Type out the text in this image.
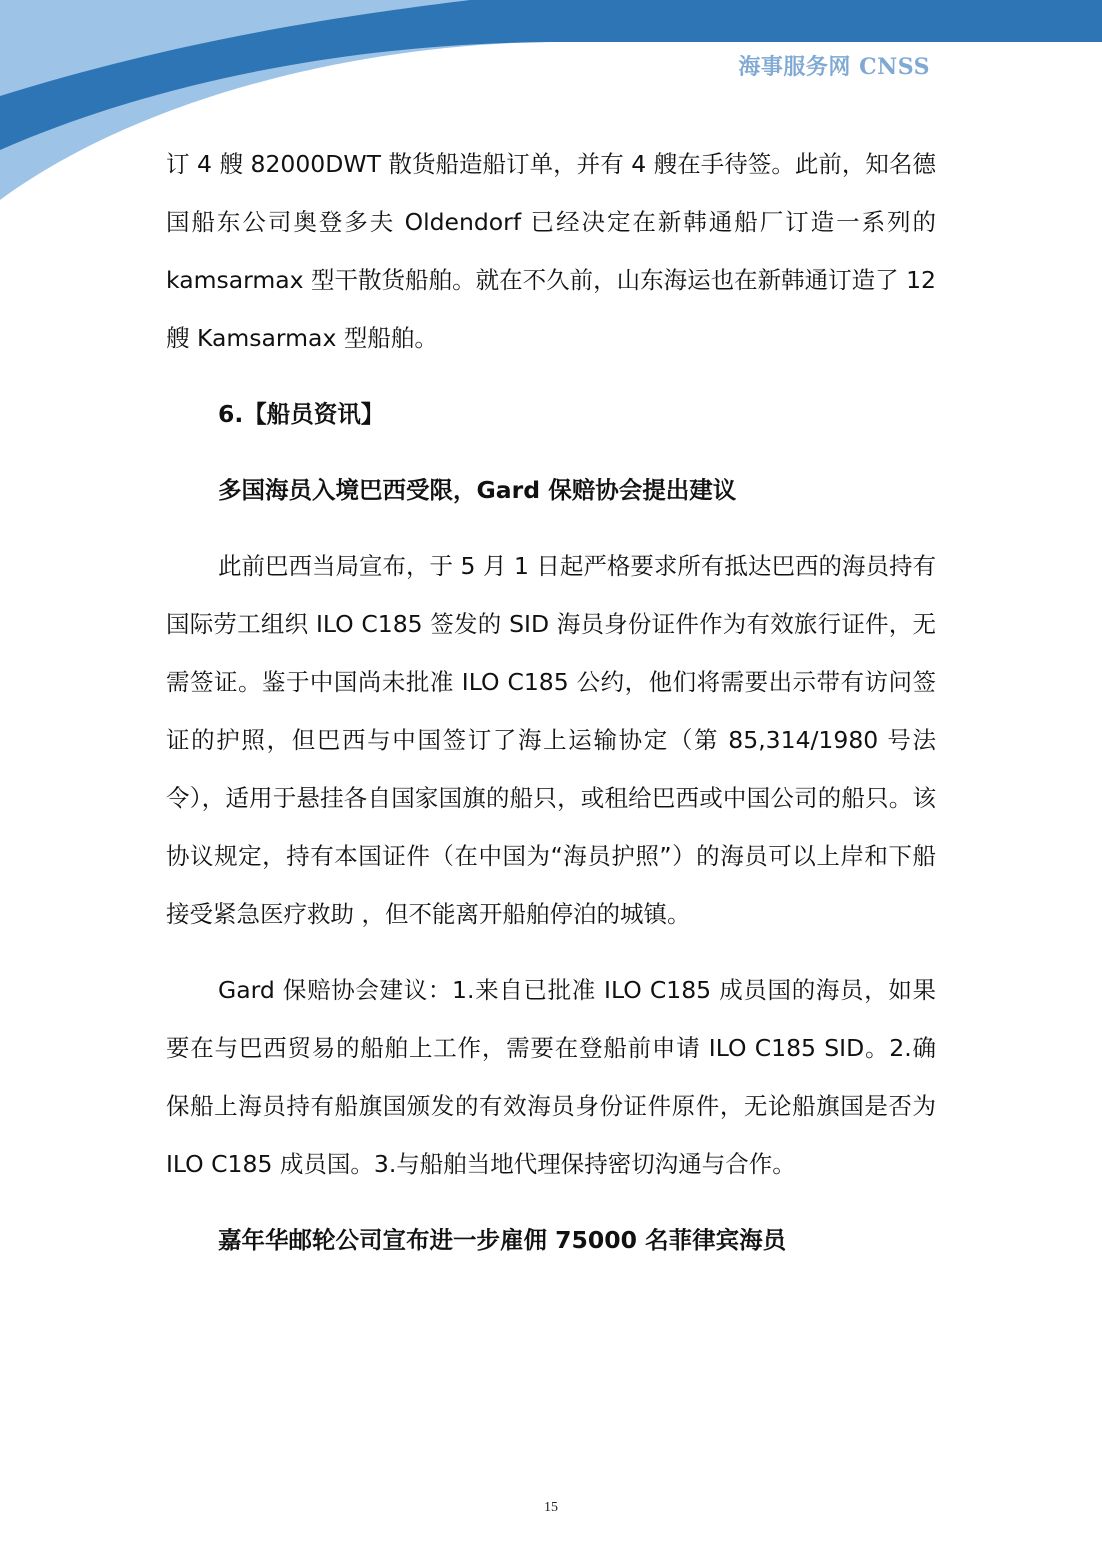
海事服务网 CNSS

订 4 艘 82000DWT 散货船造船订单，并有 4 艘在手待签。此前，知名德国船东公司奥登多夫 Oldendorf 已经决定在新韩通船厂订造一系列的 kamsarmax 型干散货船舶。就在不久前，山东海运也在新韩通订造了 12 艘 Kamsarmax 型船舶。

6.【船员资讯】

多国海员入境巴西受限，Gard 保赔协会提出建议

此前巴西当局宣布，于 5 月 1 日起严格要求所有抵达巴西的海员持有国际劳工组织 ILO C185 签发的 SID 海员身份证件作为有效旅行证件，无需签证。鉴于中国尚未批准 ILO C185 公约，他们将需要出示带有访问签证的护照，但巴西与中国签订了海上运输协定（第 85,314/1980 号法令），适用于悬挂各自国家国旗的船只，或租给巴西或中国公司的船只。该协议规定，持有本国证件（在中国为“海员护照”）的海员可以上岸和下船接受紧急医疗救助 ，但不能离开船舶停泊的城镇。

Gard 保赔协会建议：1.来自已批准 ILO C185 成员国的海员，如果要在与巴西贸易的船舶上工作，需要在登船前申请 ILO C185 SID。2.确保船上海员持有船旗国颁发的有效海员身份证件原件，无论船旗国是否为 ILO C185 成员国。3.与船舶当地代理保持密切沟通与合作。

嘉年华邮轮公司宣布进一步雇佣 75000 名菲律宾海员

15
